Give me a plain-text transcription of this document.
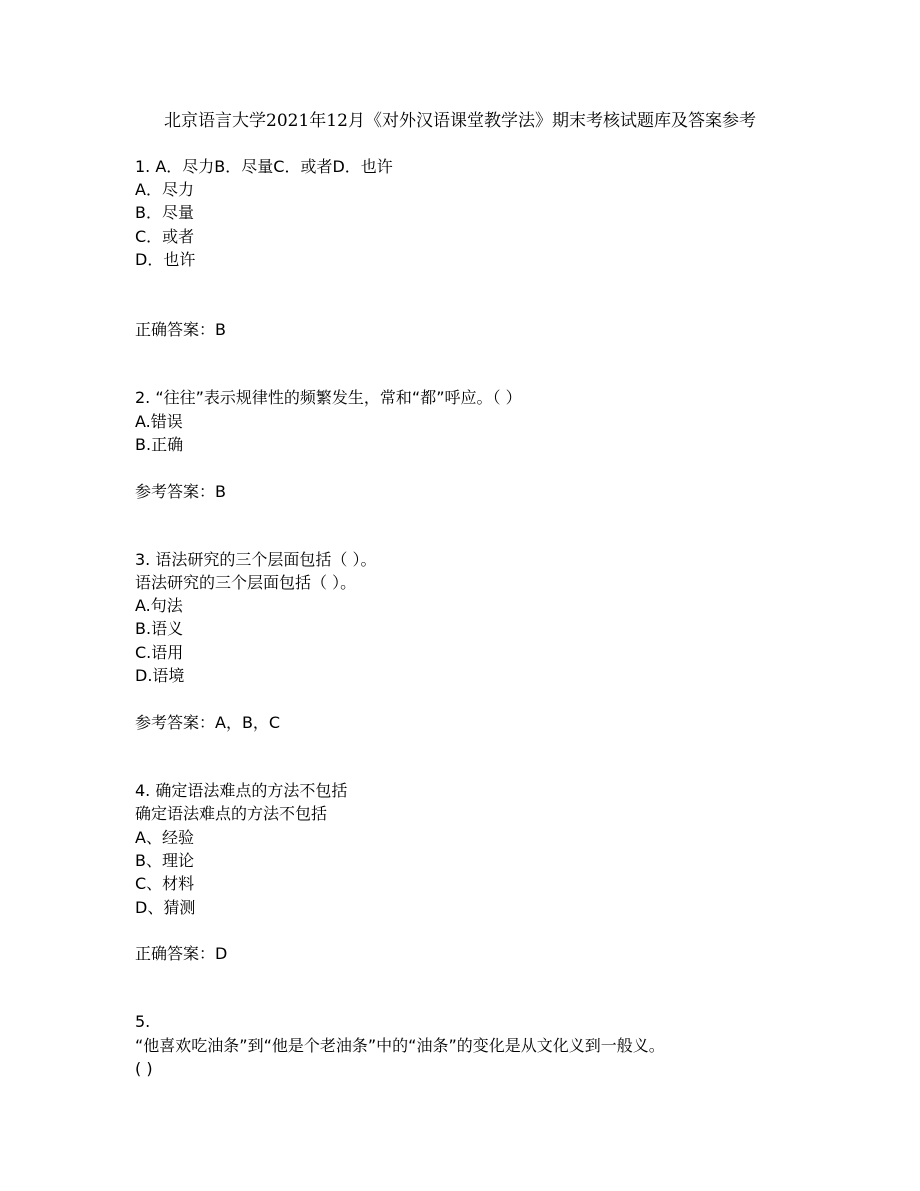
北京语言大学2021年12月《对外汉语课堂教学法》期末考核试题库及答案参考
1. A．尽力B．尽量C．或者D．也许
A．尽力
B．尽量
C．或者
D．也许
正确答案：B
2. “往往”表示规律性的频繁发生，常和“都”呼应。（ ）
A.错误
B.正确
参考答案：B
3. 语法研究的三个层面包括（ ）。
语法研究的三个层面包括（ ）。
A.句法
B.语义
C.语用
D.语境
参考答案：A，B，C
4. 确定语法难点的方法不包括
确定语法难点的方法不包括
A、经验
B、理论
C、材料
D、猜测
正确答案：D
5.
“他喜欢吃油条”到“他是个老油条”中的“油条”的变化是从文化义到一般义。
( )
